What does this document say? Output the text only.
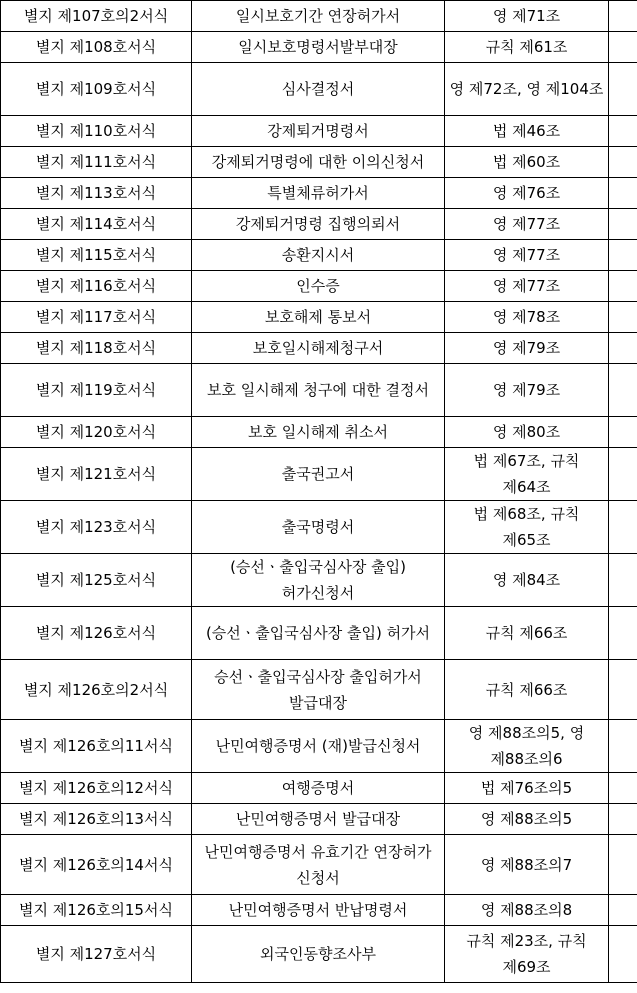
별지 제107호의2서식	일시보호기간 연장허가서	영 제71조	
별지 제108호서식	일시보호명령서발부대장	규칙 제61조	
별지 제109호서식	심사결정서	영 제72조, 영 제104조	
별지 제110호서식	강제퇴거명령서	법 제46조	
별지 제111호서식	강제퇴거명령에 대한 이의신청서	법 제60조	
별지 제113호서식	특별체류허가서	영 제76조	
별지 제114호서식	강제퇴거명령 집행의뢰서	영 제77조	
별지 제115호서식	송환지시서	영 제77조	
별지 제116호서식	인수증	영 제77조	
별지 제117호서식	보호해제 통보서	영 제78조	
별지 제118호서식	보호일시해제청구서	영 제79조	
별지 제119호서식	보호 일시해제 청구에 대한 결정서	영 제79조	
별지 제120호서식	보호 일시해제 취소서	영 제80조	
별지 제121호서식	출국권고서	법 제67조, 규칙 제64조	
별지 제123호서식	출국명령서	법 제68조, 규칙 제65조	
별지 제125호서식	(승선ㆍ출입국심사장 출입) 허가신청서	영 제84조	
별지 제126호서식	(승선ㆍ출입국심사장 출입) 허가서	규칙 제66조	
별지 제126호의2서식	승선ㆍ출입국심사장 출입허가서 발급대장	규칙 제66조	
별지 제126호의11서식	난민여행증명서 (재)발급신청서	영 제88조의5, 영 제88조의6	
별지 제126호의12서식	여행증명서	법 제76조의5	
별지 제126호의13서식	난민여행증명서 발급대장	영 제88조의5	
별지 제126호의14서식	난민여행증명서 유효기간 연장허가 신청서	영 제88조의7	
별지 제126호의15서식	난민여행증명서 반납명령서	영 제88조의8	
별지 제127호서식	외국인동향조사부	규칙 제23조, 규칙 제69조	
